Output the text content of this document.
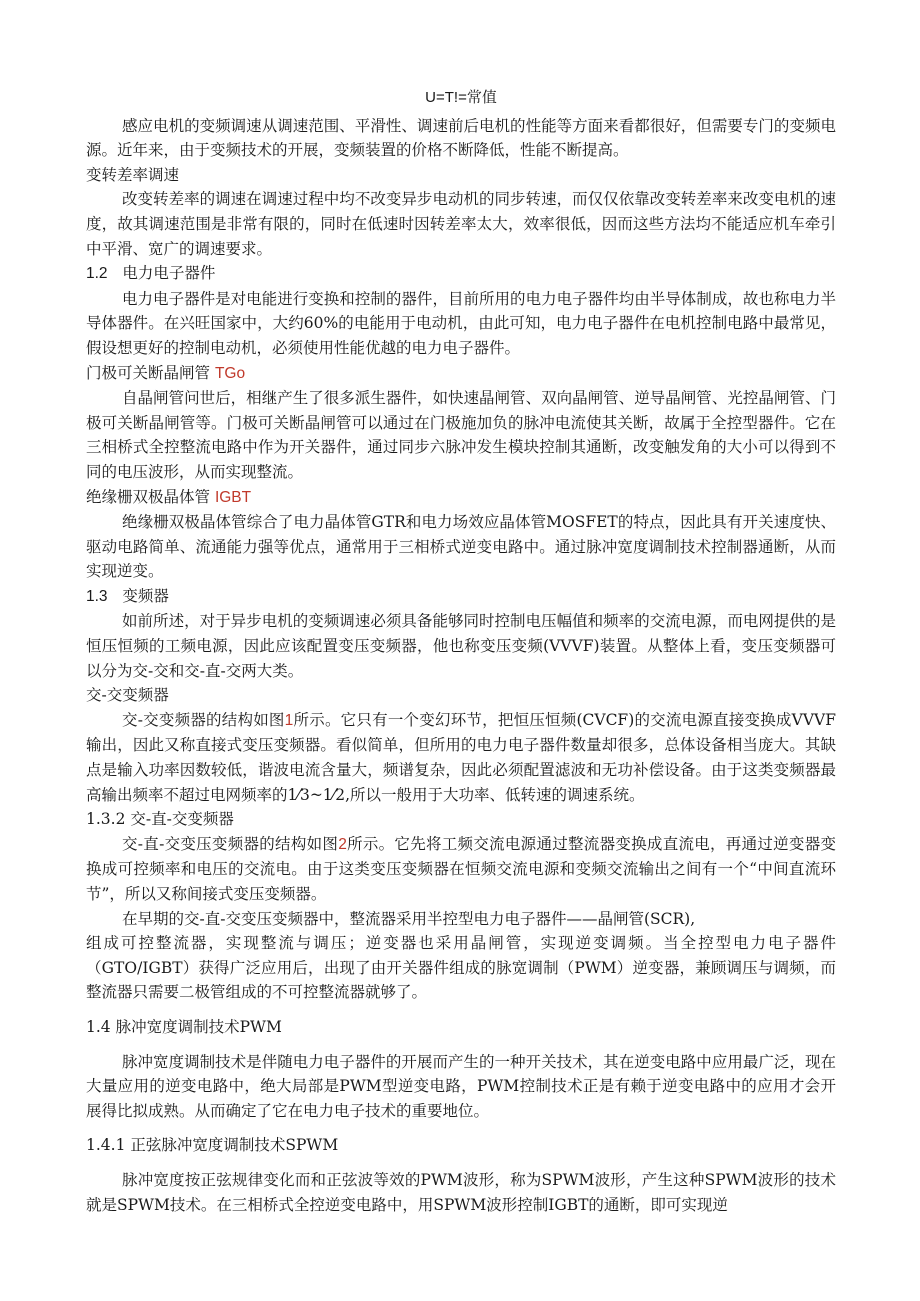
U=T!=常值

感应电机的变频调速从调速范围、平滑性、调速前后电机的性能等方面来看都很好，但需要专门的变频电源。近年来，由于变频技术的开展，变频装置的价格不断降低，性能不断提高。

变转差率调速

改变转差率的调速在调速过程中均不改变异步电动机的同步转速，而仅仅依靠改变转差率来改变电机的速度，故其调速范围是非常有限的，同时在低速时因转差率太大，效率很低，因而这些方法均不能适应机车牵引中平滑、宽广的调速要求。

1.2 电力电子器件

电力电子器件是对电能进行变换和控制的器件，目前所用的电力电子器件均由半导体制成，故也称电力半导体器件。在兴旺国家中，大约60%的电能用于电动机，由此可知，电力电子器件在电机控制电路中最常见，假设想更好的控制电动机，必须使用性能优越的电力电子器件。

门极可关断晶闸管 TGo

自晶闸管问世后，相继产生了很多派生器件，如快速晶闸管、双向晶闸管、逆导晶闸管、光控晶闸管、门极可关断晶闸管等。门极可关断晶闸管可以通过在门极施加负的脉冲电流使其关断，故属于全控型器件。它在三相桥式全控整流电路中作为开关器件，通过同步六脉冲发生模块控制其通断，改变触发角的大小可以得到不同的电压波形，从而实现整流。

绝缘栅双极晶体管 IGBT

绝缘栅双极晶体管综合了电力晶体管GTR和电力场效应晶体管MOSFET的特点，因此具有开关速度快、驱动电路简单、流通能力强等优点，通常用于三相桥式逆变电路中。通过脉冲宽度调制技术控制器通断，从而实现逆变。

1.3 变频器

如前所述，对于异步电机的变频调速必须具备能够同时控制电压幅值和频率的交流电源，而电网提供的是恒压恒频的工频电源，因此应该配置变压变频器，他也称变压变频(VVVF)装置。从整体上看，变压变频器可以分为交-交和交-直-交两大类。

交-交变频器

交-交变频器的结构如图1所示。它只有一个变幻环节，把恒压恒频(CVCF)的交流电源直接变换成VVVF输出，因此又称直接式变压变频器。看似简单，但所用的电力电子器件数量却很多，总体设备相当庞大。其缺点是输入功率因数较低，谐波电流含量大，频谱复杂，因此必须配置滤波和无功补偿设备。由于这类变频器最高输出频率不超过电网频率的1⁄3~1⁄2,所以一般用于大功率、低转速的调速系统。

1.3.2 交-直-交变频器

交-直-交变压变频器的结构如图2所示。它先将工频交流电源通过整流器变换成直流电，再通过逆变器变换成可控频率和电压的交流电。由于这类变压变频器在恒频交流电源和变频交流输出之间有一个“中间直流环节”，所以又称间接式变压变频器。

在早期的交-直-交变压变频器中，整流器采用半控型电力电子器件——晶闸管(SCR),

组成可控整流器，实现整流与调压；逆变器也采用晶闸管，实现逆变调频。当全控型电力电子器件（GTO/IGBT）获得广泛应用后，出现了由开关器件组成的脉宽调制（PWM）逆变器，兼顾调压与调频，而整流器只需要二极管组成的不可控整流器就够了。

1.4 脉冲宽度调制技术PWM

脉冲宽度调制技术是伴随电力电子器件的开展而产生的一种开关技术，其在逆变电路中应用最广泛，现在大量应用的逆变电路中，绝大局部是PWM型逆变电路，PWM控制技术正是有赖于逆变电路中的应用才会开展得比拟成熟。从而确定了它在电力电子技术的重要地位。

1.4.1 正弦脉冲宽度调制技术SPWM

脉冲宽度按正弦规律变化而和正弦波等效的PWM波形，称为SPWM波形，产生这种SPWM波形的技术就是SPWM技术。在三相桥式全控逆变电路中，用SPWM波形控制IGBT的通断，即可实现逆
